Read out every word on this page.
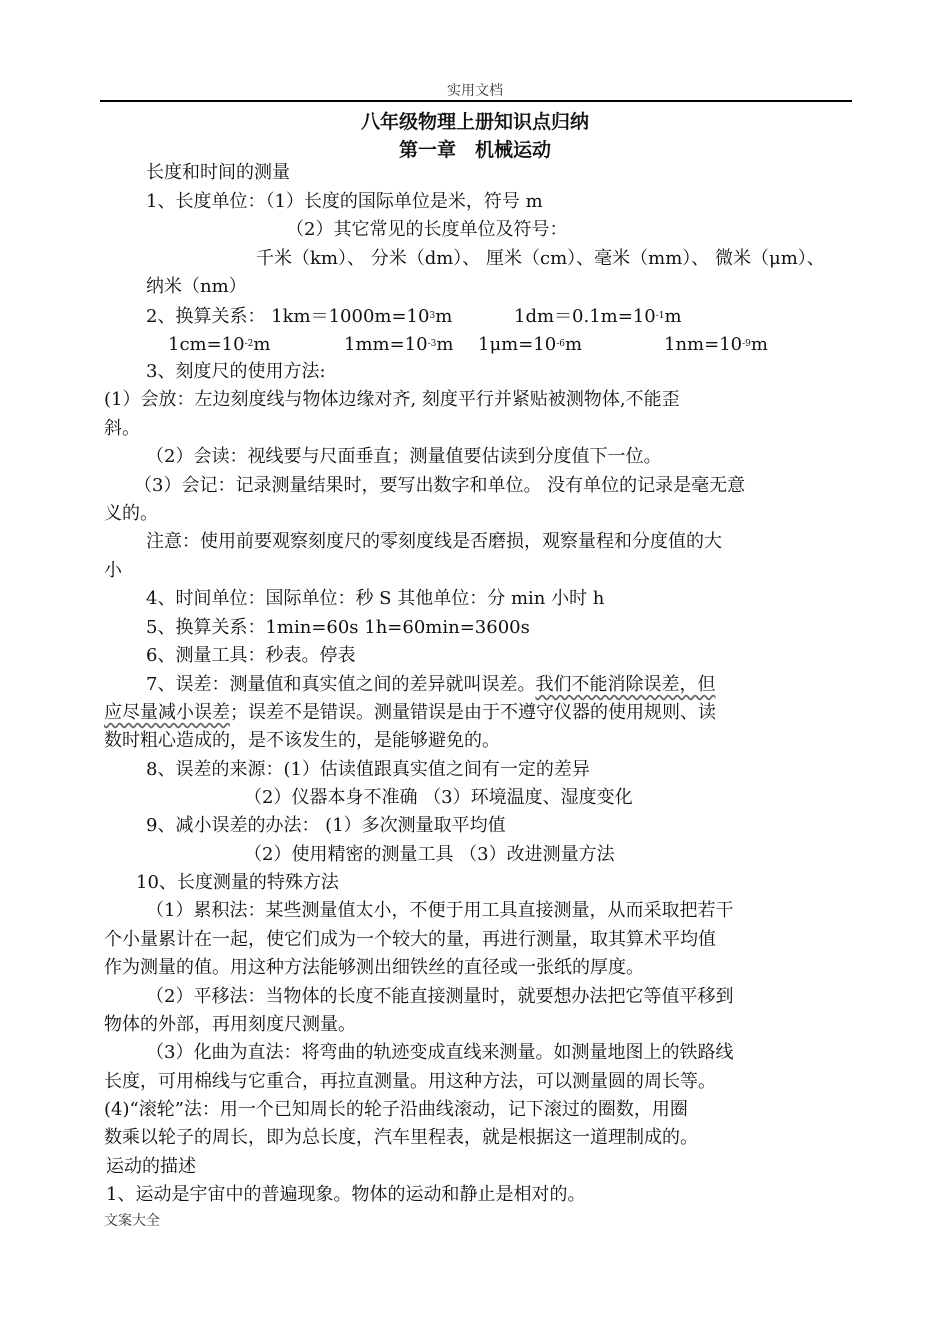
实用文档
八年级物理上册知识点归纳
第一章　机械运动
长度和时间的测量
1、长度单位：（1）长度的国际单位是米，符号 m
（2）其它常见的长度单位及符号：
千米（km）、 分米（dm）、 厘米（cm）、毫米（mm）、 微米（μm）、
纳米（nm）
2、换算关系： $1km=1000m=10^3m$	$1dm=0.1m=10^{-1}m$
$1cm=10^{-2}m$	$1mm=10^{-3}m$ $1\mu m=10^{-6}m$	$1nm=10^{-9}m$
3、刻度尺的使用方法:
(1）会放：左边刻度线与物体边缘对齐, 刻度平行并紧贴被测物体,不能歪
斜。
（2）会读：视线要与尺面垂直；测量值要估读到分度值下一位。
（3）会记：记录测量结果时，要写出数字和单位。 没有单位的记录是毫无意
义的。
注意：使用前要观察刻度尺的零刻度线是否磨损，观察量程和分度值的大
小
4、时间单位：国际单位：秒 S 其他单位：分 min 小时 h
5、换算关系：1min=60s 1h=60min=3600s
6、测量工具：秒表。停表
7、误差：测量值和真实值之间的差异就叫误差。我们不能消除误差，但
应尽量减小误差；误差不是错误。测量错误是由于不遵守仪器的使用规则、读
数时粗心造成的，是不该发生的，是能够避免的。
8、误差的来源：(1）估读值跟真实值之间有一定的差异
（2）仪器本身不准确 （3）环境温度、湿度变化
9、减小误差的办法： (1）多次测量取平均值
（2）使用精密的测量工具 （3）改进测量方法
10、长度测量的特殊方法
（1）累积法：某些测量值太小，不便于用工具直接测量，从而采取把若干
个小量累计在一起，使它们成为一个较大的量，再进行测量，取其算术平均值
作为测量的值。用这种方法能够测出细铁丝的直径或一张纸的厚度。
（2）平移法：当物体的长度不能直接测量时，就要想办法把它等值平移到
物体的外部，再用刻度尺测量。
（3）化曲为直法：将弯曲的轨迹变成直线来测量。如测量地图上的铁路线
长度，可用棉线与它重合，再拉直测量。用这种方法，可以测量圆的周长等。
(4)“滚轮”法：用一个已知周长的轮子沿曲线滚动，记下滚过的圈数，用圈
数乘以轮子的周长，即为总长度，汽车里程表，就是根据这一道理制成的。
运动的描述
1、运动是宇宙中的普遍现象。物体的运动和静止是相对的。
文案大全
